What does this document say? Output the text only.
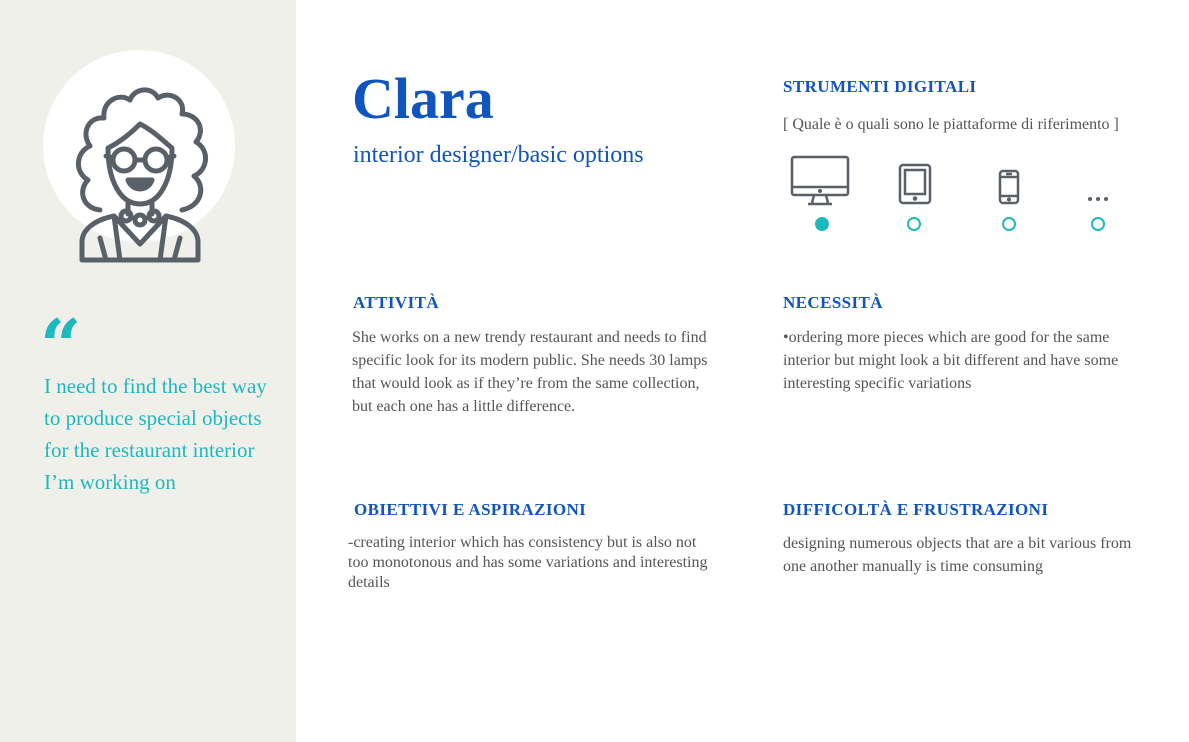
“
I need to find the best way to produce special objects for the restaurant interior I’m working on
Clara
interior designer/basic options
STRUMENTI DIGITALI
[ Quale è o quali sono le piattaforme di riferimento ]
ATTIVITÀ
She works on a new trendy restaurant and needs to find specific look for its modern public. She needs 30 lamps that would look as if they’re from the same collection, but each one has a little difference.
NECESSITÀ
•ordering more pieces which are good for the same interior but might look a bit different and have some interesting specific variations
OBIETTIVI E ASPIRAZIONI
-creating interior which has consistency but is also not too monotonous and has some variations and interesting details
DIFFICOLTÀ E FRUSTRAZIONI
designing numerous objects that are a bit various from one another manually is time consuming
